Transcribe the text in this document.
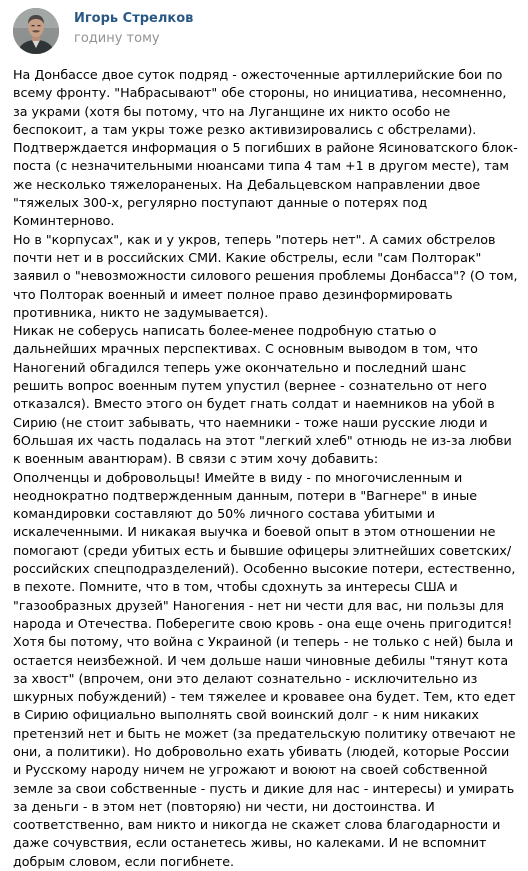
Игорь Стрелков
годину тому

На Донбассе двое суток подряд - ожесточенные артиллерийские бои по всему фронту. "Набрасывают" обе стороны, но инициатива, несомненно, за украми (хотя бы потому, что на Луганщине их никто особо не беспокоит, а там укры тоже резко активизировались с обстрелами). Подтверждается информация о 5 погибших в районе Ясиноватского блок-поста (с незначительными нюансами типа 4 там +1 в другом месте), там же несколько тяжелораненых. На Дебальцевском направлении двое "тяжелых 300-х, регулярно поступают данные о потерях под Коминтерново.

Но в "корпусах", как и у укров, теперь "потерь нет". А самих обстрелов почти нет и в российских СМИ. Какие обстрелы, если "сам Полторак" заявил о "невозможности силового решения проблемы Донбасса"? (О том, что Полторак военный и имеет полное право дезинформировать противника, никто не задумывается).

Никак не соберусь написать более-менее подробную статью о дальнейших мрачных перспективах. С основным выводом в том, что Наногений обгадился теперь уже окончательно и последний шанс решить вопрос военным путем упустил (вернее - сознательно от него отказался). Вместо этого он будет гнать солдат и наемников на убой в Сирию (не стоит забывать, что наемники - тоже наши русские люди и бОльшая их часть подалась на этот "легкий хлеб" отнюдь не из-за любви к военным авантюрам). В связи с этим хочу добавить:

Ополченцы и добровольцы! Имейте в виду - по многочисленным и неоднократно подтвержденным данным, потери в "Вагнере" в иные командировки составляют до 50% личного состава убитыми и искалеченными. И никакая выучка и боевой опыт в этом отношении не помогают (среди убитых есть и бывшие офицеры элитнейших советских/российских спецподразделений). Особенно высокие потери, естественно, в пехоте. Помните, что в том, чтобы сдохнуть за интересы США и "газообразных друзей" Наногения - нет ни чести для вас, ни пользы для народа и Отечества. Поберегите свою кровь - она еще очень пригодится! Хотя бы потому, что война с Украиной (и теперь - не только с ней) была и остается неизбежной. И чем дольше наши чиновные дебилы "тянут кота за хвост" (впрочем, они это делают сознательно - исключительно из шкурных побуждений) - тем тяжелее и кровавее она будет. Тем, кто едет в Сирию официально выполнять свой воинский долг - к ним никаких претензий нет и быть не может (за предательскую политику отвечают не они, а политики). Но добровольно ехать убивать (людей, которые России и Русскому народу ничем не угрожают и воюют на своей собственной земле за свои собственные - пусть и дикие для нас - интересы) и умирать за деньги - в этом нет (повторяю) ни чести, ни достоинства. И соответственно, вам никто и никогда не скажет слова благодарности и даже сочувствия, если останетесь живы, но калеками. И не вспомнит добрым словом, если погибнете.
